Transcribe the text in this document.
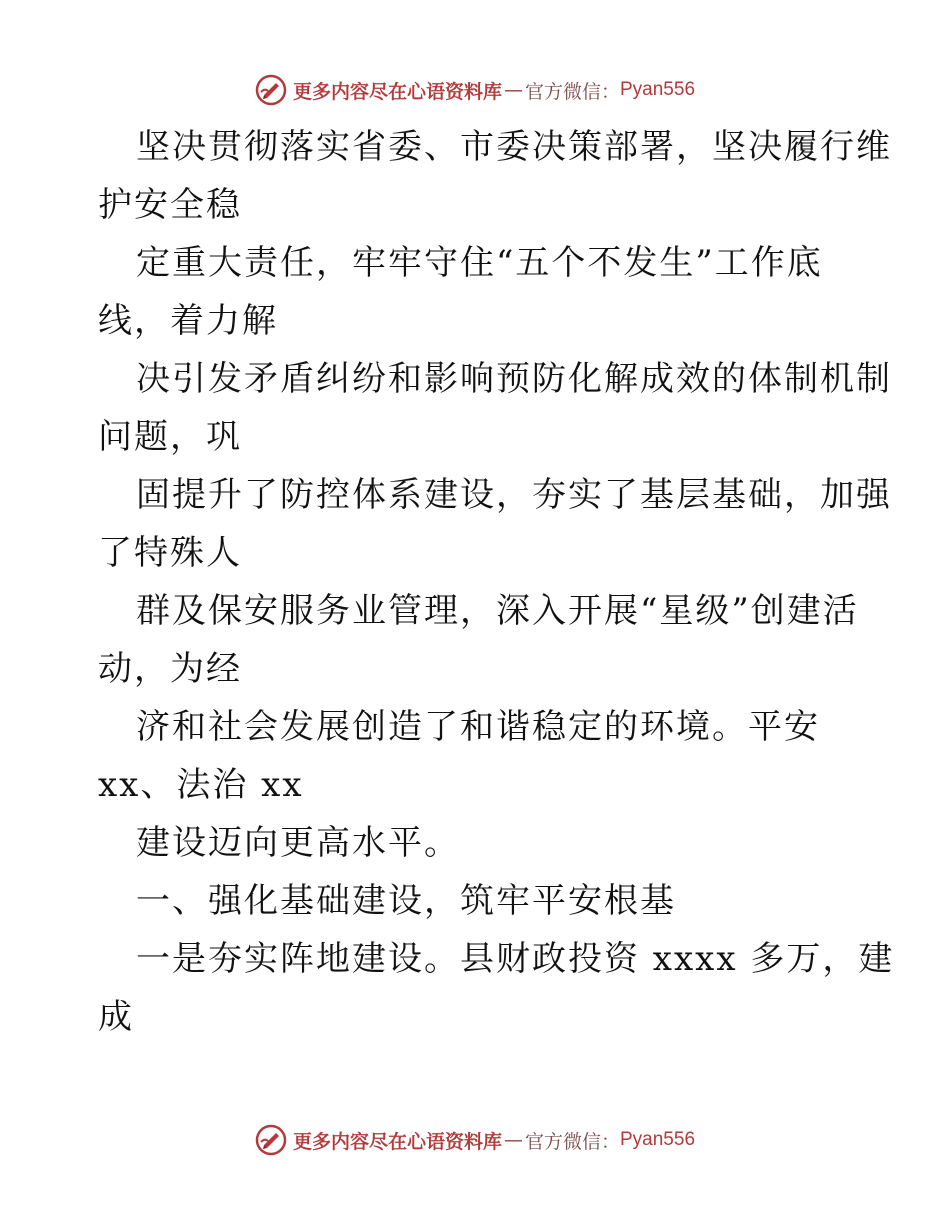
更多内容尽在心语资料库 — 官方微信： Pyan556
坚决贯彻落实省委、市委决策部署，坚决履行维
护安全稳
定重大责任，牢牢守住“五个不发生”工作底
线，着力解
决引发矛盾纠纷和影响预防化解成效的体制机制
问题，巩
固提升了防控体系建设，夯实了基层基础，加强
了特殊人
群及保安服务业管理，深入开展“星级”创建活
动，为经
济和社会发展创造了和谐稳定的环境。平安
xx、法治 xx
建设迈向更高水平。
一、强化基础建设，筑牢平安根基
一是夯实阵地建设。县财政投资 xxxx 多万，建
成
更多内容尽在心语资料库 — 官方微信： Pyan556
